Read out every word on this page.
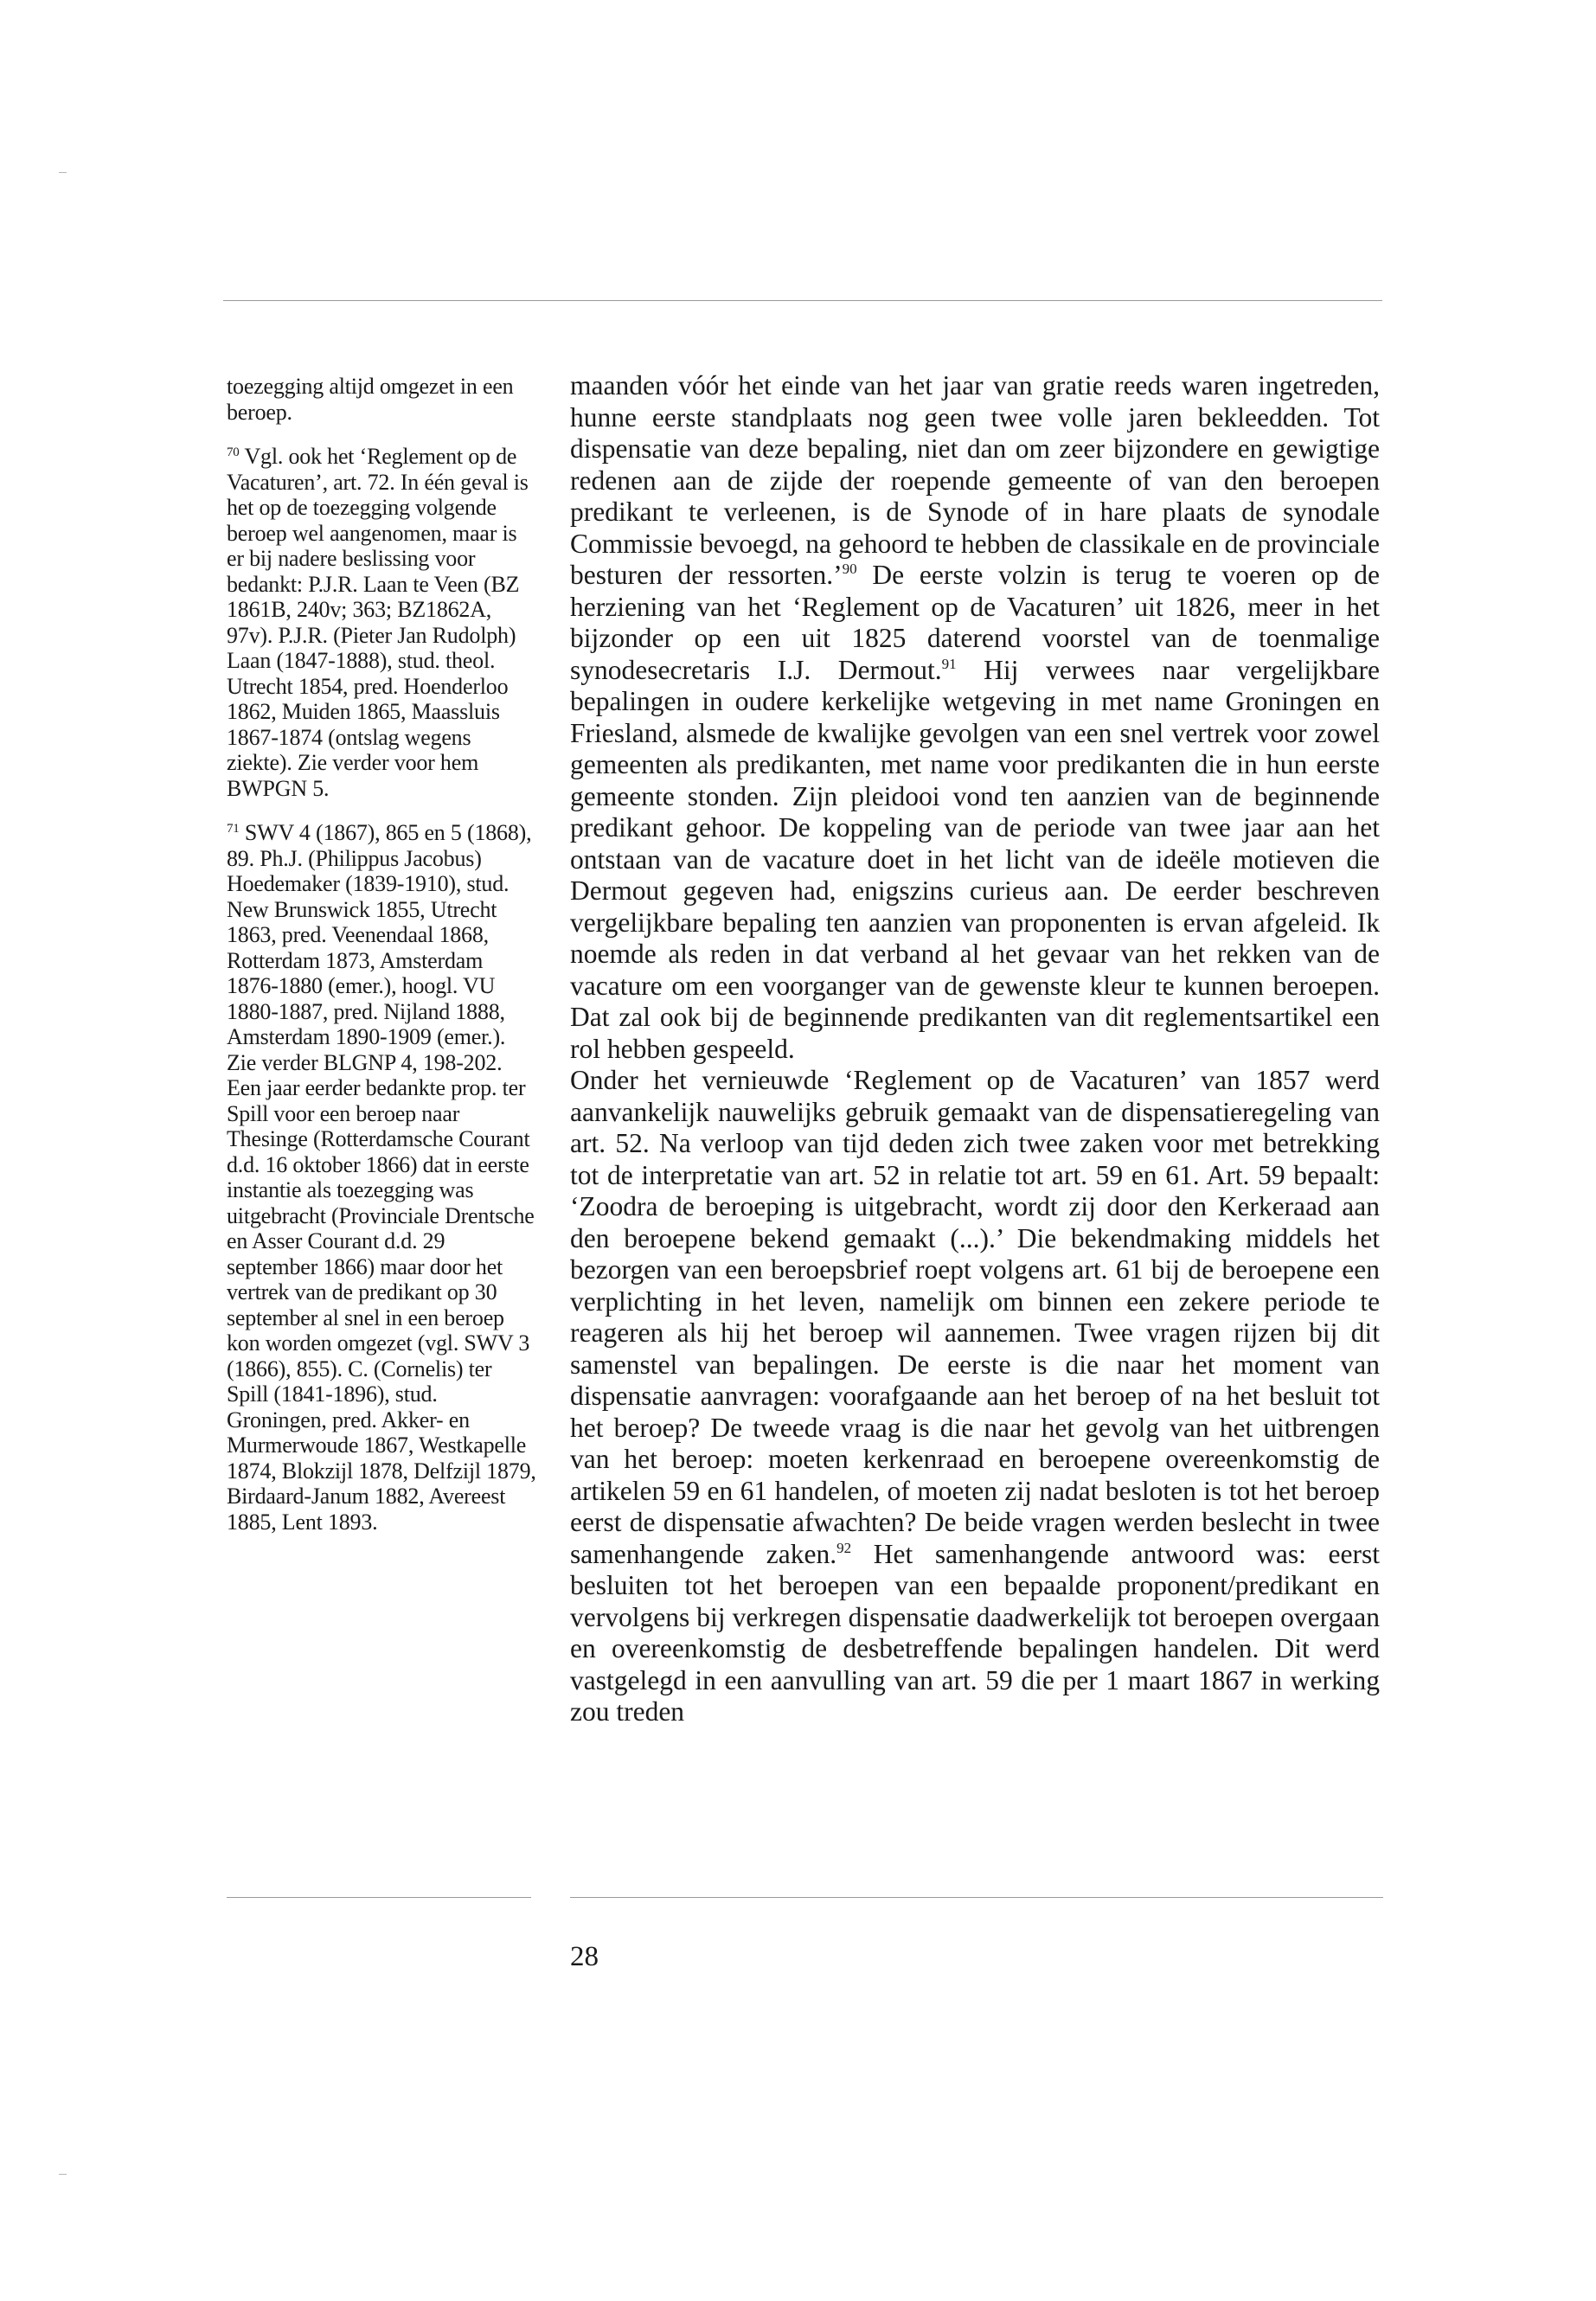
toezegging altijd omgezet in een beroep.

$^{70}$ Vgl. ook het ‘Reglement op de Vacaturen’, art. 72. In één geval is het op de toezegging volgende beroep wel aangenomen, maar is er bij nadere beslissing voor bedankt: P.J.R. Laan te Veen (BZ 1861B, 240v; 363; BZ1862A, 97v). P.J.R. (Pieter Jan Rudolph) Laan (1847-1888), stud. theol. Utrecht 1854, pred. Hoenderloo 1862, Muiden 1865, Maassluis 1867-1874 (ontslag wegens ziekte). Zie verder voor hem BWPGN 5.

$^{71}$ SWV 4 (1867), 865 en 5 (1868), 89. Ph.J. (Philippus Jacobus) Hoedemaker (1839-1910), stud. New Brunswick 1855, Utrecht 1863, pred. Veenendaal 1868, Rotterdam 1873, Amsterdam 1876-1880 (emer.), hoogl. VU 1880-1887, pred. Nijland 1888, Amsterdam 1890-1909 (emer.). Zie verder BLGNP 4, 198-202. Een jaar eerder bedankte prop. ter Spill voor een beroep naar Thesinge (Rotterdamsche Courant d.d. 16 oktober 1866) dat in eerste instantie als toezegging was uitgebracht (Provinciale Drentsche en Asser Courant d.d. 29 september 1866) maar door het vertrek van de predikant op 30 september al snel in een beroep kon worden omgezet (vgl. SWV 3 (1866), 855). C. (Cornelis) ter Spill (1841-1896), stud. Groningen, pred. Akker- en Murmerwoude 1867, Westkapelle 1874, Blokzijl 1878, Delfzijl 1879, Birdaard-Janum 1882, Avereest 1885, Lent 1893.

maanden vóór het einde van het jaar van gratie reeds waren ingetreden, hunne eerste standplaats nog geen twee volle jaren bekleedden. Tot dispensatie van deze bepaling, niet dan om zeer bijzondere en gewigtige redenen aan de zijde der roepende gemeente of van den beroepen predikant te verleenen, is de Synode of in hare plaats de synodale Commissie bevoegd, na gehoord te hebben de classikale en de provinciale besturen der ressorten.’$^{90}$ De eerste volzin is terug te voeren op de herziening van het ‘Reglement op de Vacaturen’ uit 1826, meer in het bijzonder op een uit 1825 daterend voorstel van de toenmalige synodesecretaris I.J. Dermout.$^{91}$ Hij verwees naar vergelijkbare bepalingen in oudere kerkelijke wetgeving in met name Groningen en Friesland, alsmede de kwalijke gevolgen van een snel vertrek voor zowel gemeenten als predikanten, met name voor predikanten die in hun eerste gemeente stonden. Zijn pleidooi vond ten aanzien van de beginnende predikant gehoor. De koppeling van de periode van twee jaar aan het ontstaan van de vacature doet in het licht van de ideële motieven die Dermout gegeven had, enigszins curieus aan. De eerder beschreven vergelijkbare bepaling ten aanzien van proponenten is ervan afgeleid. Ik noemde als reden in dat verband al het gevaar van het rekken van de vacature om een voorganger van de gewenste kleur te kunnen beroepen. Dat zal ook bij de beginnende predikanten van dit reglementsartikel een rol hebben gespeeld.

Onder het vernieuwde ‘Reglement op de Vacaturen’ van 1857 werd aanvankelijk nauwelijks gebruik gemaakt van de dispensatieregeling van art. 52. Na verloop van tijd deden zich twee zaken voor met betrekking tot de interpretatie van art. 52 in relatie tot art. 59 en 61. Art. 59 bepaalt: ‘Zoodra de beroeping is uitgebracht, wordt zij door den Kerkeraad aan den beroepene bekend gemaakt (...).’ Die bekendmaking middels het bezorgen van een beroepsbrief roept volgens art. 61 bij de beroepene een verplichting in het leven, namelijk om binnen een zekere periode te reageren als hij het beroep wil aannemen. Twee vragen rijzen bij dit samenstel van bepalingen. De eerste is die naar het moment van dispensatie aanvragen: voorafgaande aan het beroep of na het besluit tot het beroep? De tweede vraag is die naar het gevolg van het uitbrengen van het beroep: moeten kerkenraad en beroepene overeenkomstig de artikelen 59 en 61 handelen, of moeten zij nadat besloten is tot het beroep eerst de dispensatie afwachten? De beide vragen werden beslecht in twee samenhangende zaken.$^{92}$ Het samenhangende antwoord was: eerst besluiten tot het beroepen van een bepaalde proponent/predikant en vervolgens bij verkregen dispensatie daadwerkelijk tot beroepen overgaan en overeenkomstig de desbetreffende bepalingen handelen. Dit werd vastgelegd in een aanvulling van art. 59 die per 1 maart 1867 in werking zou treden

28
